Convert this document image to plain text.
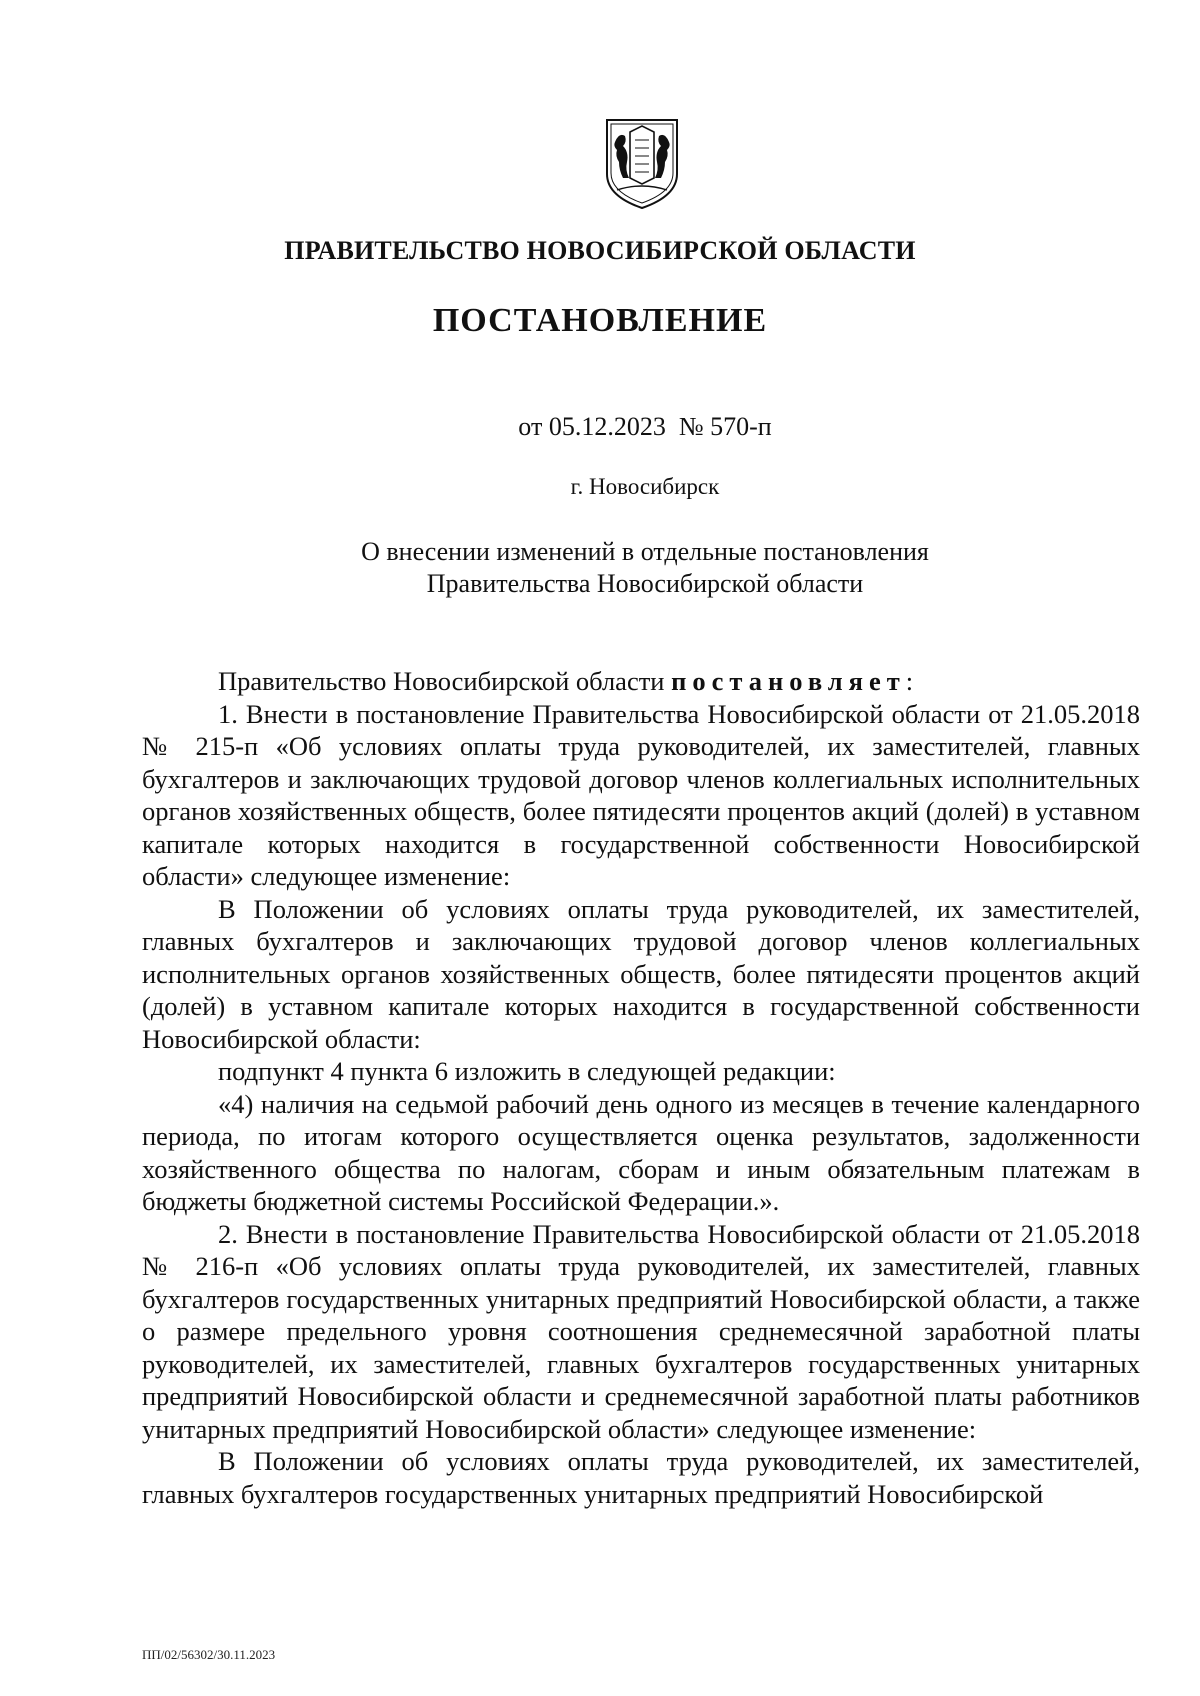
ПРАВИТЕЛЬСТВО НОВОСИБИРСКОЙ ОБЛАСТИ
ПОСТАНОВЛЕНИЕ
от 05.12.2023  № 570-п
г. Новосибирск
О внесении изменений в отдельные постановления
Правительства Новосибирской области

Правительство Новосибирской области постановляет:

1. Внести в постановление Правительства Новосибирской области от 21.05.2018 № 215-п «Об условиях оплаты труда руководителей, их заместителей, главных бухгалтеров и заключающих трудовой договор членов коллегиальных исполнительных органов хозяйственных обществ, более пятидесяти процентов акций (долей) в уставном капитале которых находится в государственной собственности Новосибирской области» следующее изменение:

В Положении об условиях оплаты труда руководителей, их заместителей, главных бухгалтеров и заключающих трудовой договор членов коллегиальных исполнительных органов хозяйственных обществ, более пятидесяти процентов акций (долей) в уставном капитале которых находится в государственной собственности Новосибирской области:

подпункт 4 пункта 6 изложить в следующей редакции:

«4) наличия на седьмой рабочий день одного из месяцев в течение календарного периода, по итогам которого осуществляется оценка результатов, задолженности хозяйственного общества по налогам, сборам и иным обязательным платежам в бюджеты бюджетной системы Российской Федерации.».

2. Внести в постановление Правительства Новосибирской области от 21.05.2018 № 216-п «Об условиях оплаты труда руководителей, их заместителей, главных бухгалтеров государственных унитарных предприятий Новосибирской области, а также о размере предельного уровня соотношения среднемесячной заработной платы руководителей, их заместителей, главных бухгалтеров государственных унитарных предприятий Новосибирской области и среднемесячной заработной платы работников унитарных предприятий Новосибирской области» следующее изменение:

В Положении об условиях оплаты труда руководителей, их заместителей, главных бухгалтеров государственных унитарных предприятий Новосибирской

ПП/02/56302/30.11.2023
